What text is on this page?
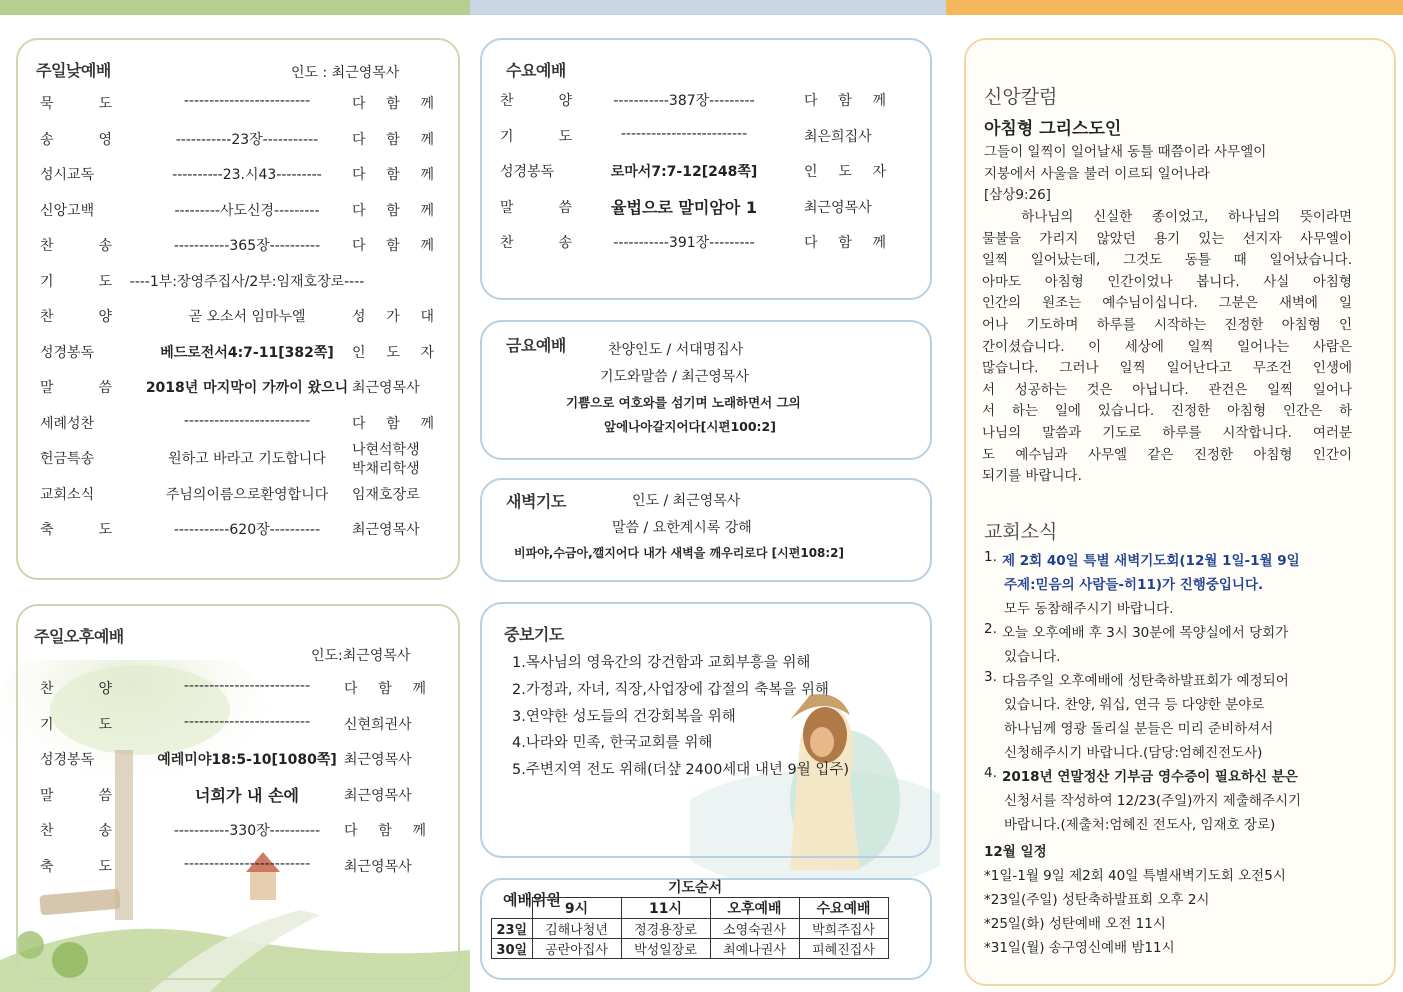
주일낮예배	인도 : 최근영목사
묵 도	-------------------------	다 함 께
송 영	-----------23장-----------	다 함 께
성시교독	----------23.시43---------	다 함 께
신앙고백	---------사도신경---------	다 함 께
찬 송	-----------365장----------	다 함 께
기 도 ----1부:장영주집사/2부:임재호장로----
찬 양	곧 오소서 임마누엘	성 가 대
성경봉독	베드로전서4:7-11[382쪽]	인 도 자
말 씀	2018년 마지막이 가까이 왔으니 최근영목사
세례성찬	-------------------------	다 함 께
헌금특송	원하고 바라고 기도합니다
나현석학생
박채리학생
교회소식	주님의이름으로환영합니다	임재호장로
축 도	-----------620장----------	최근영목사
주일오후예배
인도:최근영목사
찬 양	-------------------------	다 함 께
기 도	-------------------------	신현희권사
성경봉독	예레미야18:5-10[1080쪽] 최근영목사
말 씀	너희가 내 손에	최근영목사
찬 송	-----------330장----------	다 함 께
축 도	-------------------------	최근영목사
수요예배
찬 양	-----------387장---------	다 함 께
기 도	-------------------------	최은희집사
성경봉독	로마서7:7-12[248쪽]	인 도 자
말 씀	율법으로 말미암아 1	최근영목사
찬 송	-----------391장---------	다 함 께
금요예배	찬양인도 / 서대명집사
기도와말씀 / 최근영목사
기쁨으로 여호와를 섬기며 노래하면서 그의
앞에나아갈지어다[시편100:2]
새벽기도	인도 / 최근영목사
말씀 / 요한계시록 강해
비파야,수금아,깰지어다 내가 새벽을 깨우리로다 [시편108:2]
중보기도
1.목사님의 영육간의 강건함과 교회부흥을 위해
2.가정과, 자녀, 직장,사업장에 갑절의 축복을 위해
3.연약한 성도들의 건강회복을 위해
4.나라와 민족, 한국교회를 위해
5.주변지역 전도 위해(더샾 2400세대 내년 9월 입주)
기도순서
예배위원
	9시	11시	오후예배	수요예배
23일	김해나청년	정경용장로	소영숙권사	박희주집사
30일	공란아집사	박성일장로	최예나권사	피혜진집사
신앙칼럼
아침형 그리스도인
그들이 일찍이 일어날새 동틀 때쯤이라 사무엘이
지붕에서 사울을 불러 이르되 일어나라
[삼상9:26]
하나님의 신실한 종이었고, 하나님의 뜻이라면
물불을 가리지 않았던 용기 있는 선지자 사무엘이
일찍 일어났는데, 그것도 동틀 때 일어났습니다.
아마도 아침형 인간이었나 봅니다. 사실 아침형
인간의 원조는 예수님이십니다. 그분은 새벽에 일
어나 기도하며 하루를 시작하는 진정한 아침형 인
간이셨습니다. 이 세상에 일찍 일어나는 사람은
많습니다. 그러나 일찍 일어난다고 무조건 인생에
서 성공하는 것은 아닙니다. 관건은 일찍 일어나
서 하는 일에 있습니다. 진정한 아침형 인간은 하
나님의 말씀과 기도로 하루를 시작합니다. 여러분
도 예수님과 사무엘 같은 진정한 아침형 인간이
되기를 바랍니다.
교회소식
1. 제 2회 40일 특별 새벽기도회(12월 1일-1월 9일
주제:믿음의 사람들-히11)가 진행중입니다.
모두 동참해주시기 바랍니다.
2. 오늘 오후예배 후 3시 30분에 목양실에서 당회가
있습니다.
3. 다음주일 오후예배에 성탄축하발표회가 예정되어
있습니다. 찬양, 워십, 연극 등 다양한 분야로
하나님께 영광 돌리실 분들은 미리 준비하셔서
신청해주시기 바랍니다.(담당:엄혜진전도사)
4. 2018년 연말정산 기부금 영수증이 필요하신 분은
신청서를 작성하여 12/23(주일)까지 제출해주시기
바랍니다.(제출처:엄혜진 전도사, 임재호 장로)
12월 일정
*1일-1월 9일 제2회 40일 특별새벽기도회 오전5시
*23일(주일) 성탄축하발표회 오후 2시
*25일(화) 성탄예배 오전 11시
*31일(월) 송구영신예배 밤11시
